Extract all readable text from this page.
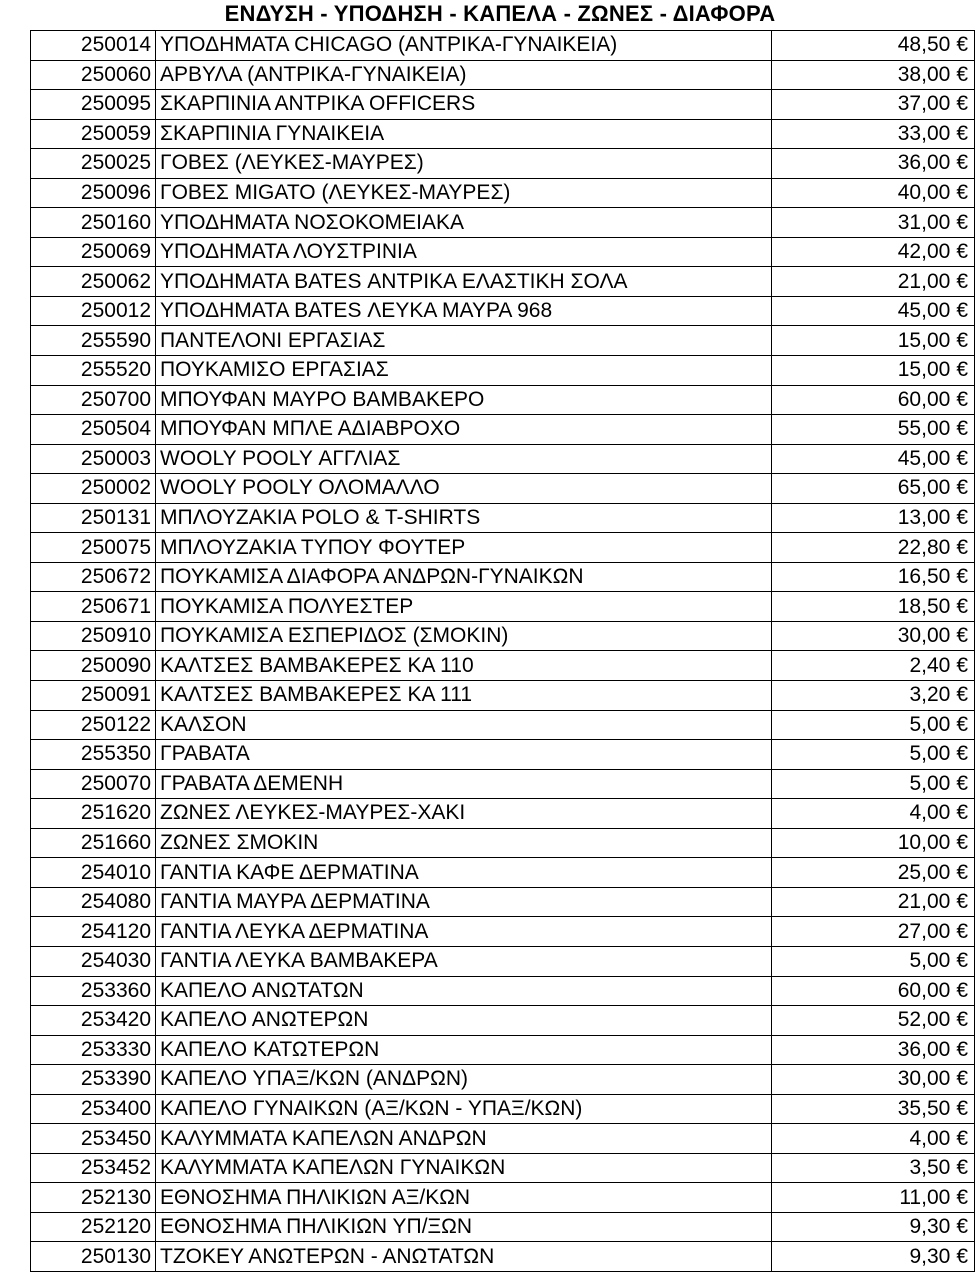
ΕΝΔΥΣΗ - ΥΠΟΔΗΣΗ - ΚΑΠΕΛΑ - ΖΩΝΕΣ - ΔΙΑΦΟΡΑ
250014	ΥΠΟΔΗΜΑΤΑ CHICAGO (ΑΝΤΡΙΚΑ-ΓΥΝΑΙΚΕΙΑ)	48,50 €
250060	ΑΡΒΥΛΑ (ΑΝΤΡΙΚΑ-ΓΥΝΑΙΚΕΙΑ)	38,00 €
250095	ΣΚΑΡΠΙΝΙΑ ΑΝΤΡΙΚΑ OFFICERS	37,00 €
250059	ΣΚΑΡΠΙΝΙΑ ΓΥΝΑΙΚΕΙΑ	33,00 €
250025	ΓΟΒΕΣ (ΛΕΥΚΕΣ-ΜΑΥΡΕΣ)	36,00 €
250096	ΓΟΒΕΣ MIGATO (ΛΕΥΚΕΣ-ΜΑΥΡΕΣ)	40,00 €
250160	ΥΠΟΔΗΜΑΤΑ ΝΟΣΟΚΟΜΕΙΑΚΑ	31,00 €
250069	ΥΠΟΔΗΜΑΤΑ ΛΟΥΣΤΡΙΝΙΑ	42,00 €
250062	ΥΠΟΔΗΜΑΤΑ BATES ΑΝΤΡΙΚΑ ΕΛΑΣΤΙΚΗ ΣΟΛΑ	21,00 €
250012	ΥΠΟΔΗΜΑΤΑ BATES ΛΕΥΚΑ ΜΑΥΡΑ 968	45,00 €
255590	ΠΑΝΤΕΛΟΝΙ ΕΡΓΑΣΙΑΣ	15,00 €
255520	ΠΟΥΚΑΜΙΣΟ ΕΡΓΑΣΙΑΣ	15,00 €
250700	ΜΠΟΥΦΑΝ ΜΑΥΡΟ ΒΑΜΒΑΚΕΡΟ	60,00 €
250504	ΜΠΟΥΦΑΝ ΜΠΛΕ ΑΔΙΑΒΡΟΧΟ	55,00 €
250003	WOOLY POOLY ΑΓΓΛΙΑΣ	45,00 €
250002	WOOLY POOLY ΟΛΟΜΑΛΛΟ	65,00 €
250131	ΜΠΛΟΥΖΑΚΙΑ POLO & T-SHIRTS	13,00 €
250075	ΜΠΛΟΥΖΑΚΙΑ ΤΥΠΟΥ ΦΟΥΤΕΡ	22,80 €
250672	ΠΟΥΚΑΜΙΣΑ ΔΙΑΦΟΡΑ ΑΝΔΡΩΝ-ΓΥΝΑΙΚΩΝ	16,50 €
250671	ΠΟΥΚΑΜΙΣΑ ΠΟΛΥΕΣΤΕΡ	18,50 €
250910	ΠΟΥΚΑΜΙΣΑ ΕΣΠΕΡΙΔΟΣ (ΣΜΟΚΙΝ)	30,00 €
250090	ΚΑΛΤΣΕΣ ΒΑΜΒΑΚΕΡΕΣ ΚΑ 110	2,40 €
250091	ΚΑΛΤΣΕΣ ΒΑΜΒΑΚΕΡΕΣ ΚΑ 111	3,20 €
250122	ΚΑΛΣΟΝ	5,00 €
255350	ΓΡΑΒΑΤΑ	5,00 €
250070	ΓΡΑΒΑΤΑ ΔΕΜΕΝΗ	5,00 €
251620	ΖΩΝΕΣ ΛΕΥΚΕΣ-ΜΑΥΡΕΣ-ΧΑΚΙ	4,00 €
251660	ΖΩΝΕΣ ΣΜΟΚΙΝ	10,00 €
254010	ΓΑΝΤΙΑ ΚΑΦΕ ΔΕΡΜΑΤΙΝΑ	25,00 €
254080	ΓΑΝΤΙΑ ΜΑΥΡΑ ΔΕΡΜΑΤΙΝΑ	21,00 €
254120	ΓΑΝΤΙΑ ΛΕΥΚΑ ΔΕΡΜΑΤΙΝΑ	27,00 €
254030	ΓΑΝΤΙΑ ΛΕΥΚΑ ΒΑΜΒΑΚΕΡΑ	5,00 €
253360	ΚΑΠΕΛΟ ΑΝΩΤΑΤΩΝ	60,00 €
253420	ΚΑΠΕΛΟ ΑΝΩΤΕΡΩΝ	52,00 €
253330	ΚΑΠΕΛΟ ΚΑΤΩΤΕΡΩΝ	36,00 €
253390	ΚΑΠΕΛΟ ΥΠΑΞ/ΚΩΝ (ΑΝΔΡΩΝ)	30,00 €
253400	ΚΑΠΕΛΟ ΓΥΝΑΙΚΩΝ (ΑΞ/ΚΩΝ - ΥΠΑΞ/ΚΩΝ)	35,50 €
253450	ΚΑΛΥΜΜΑΤΑ ΚΑΠΕΛΩΝ ΑΝΔΡΩΝ	4,00 €
253452	ΚΑΛΥΜΜΑΤΑ ΚΑΠΕΛΩΝ ΓΥΝΑΙΚΩΝ	3,50 €
252130	ΕΘΝΟΣΗΜΑ ΠΗΛΙΚΙΩΝ ΑΞ/ΚΩΝ	11,00 €
252120	ΕΘΝΟΣΗΜΑ ΠΗΛΙΚΙΩΝ ΥΠ/ΞΩΝ	9,30 €
250130	ΤΖΟΚΕΥ ΑΝΩΤΕΡΩΝ - ΑΝΩΤΑΤΩΝ	9,30 €
